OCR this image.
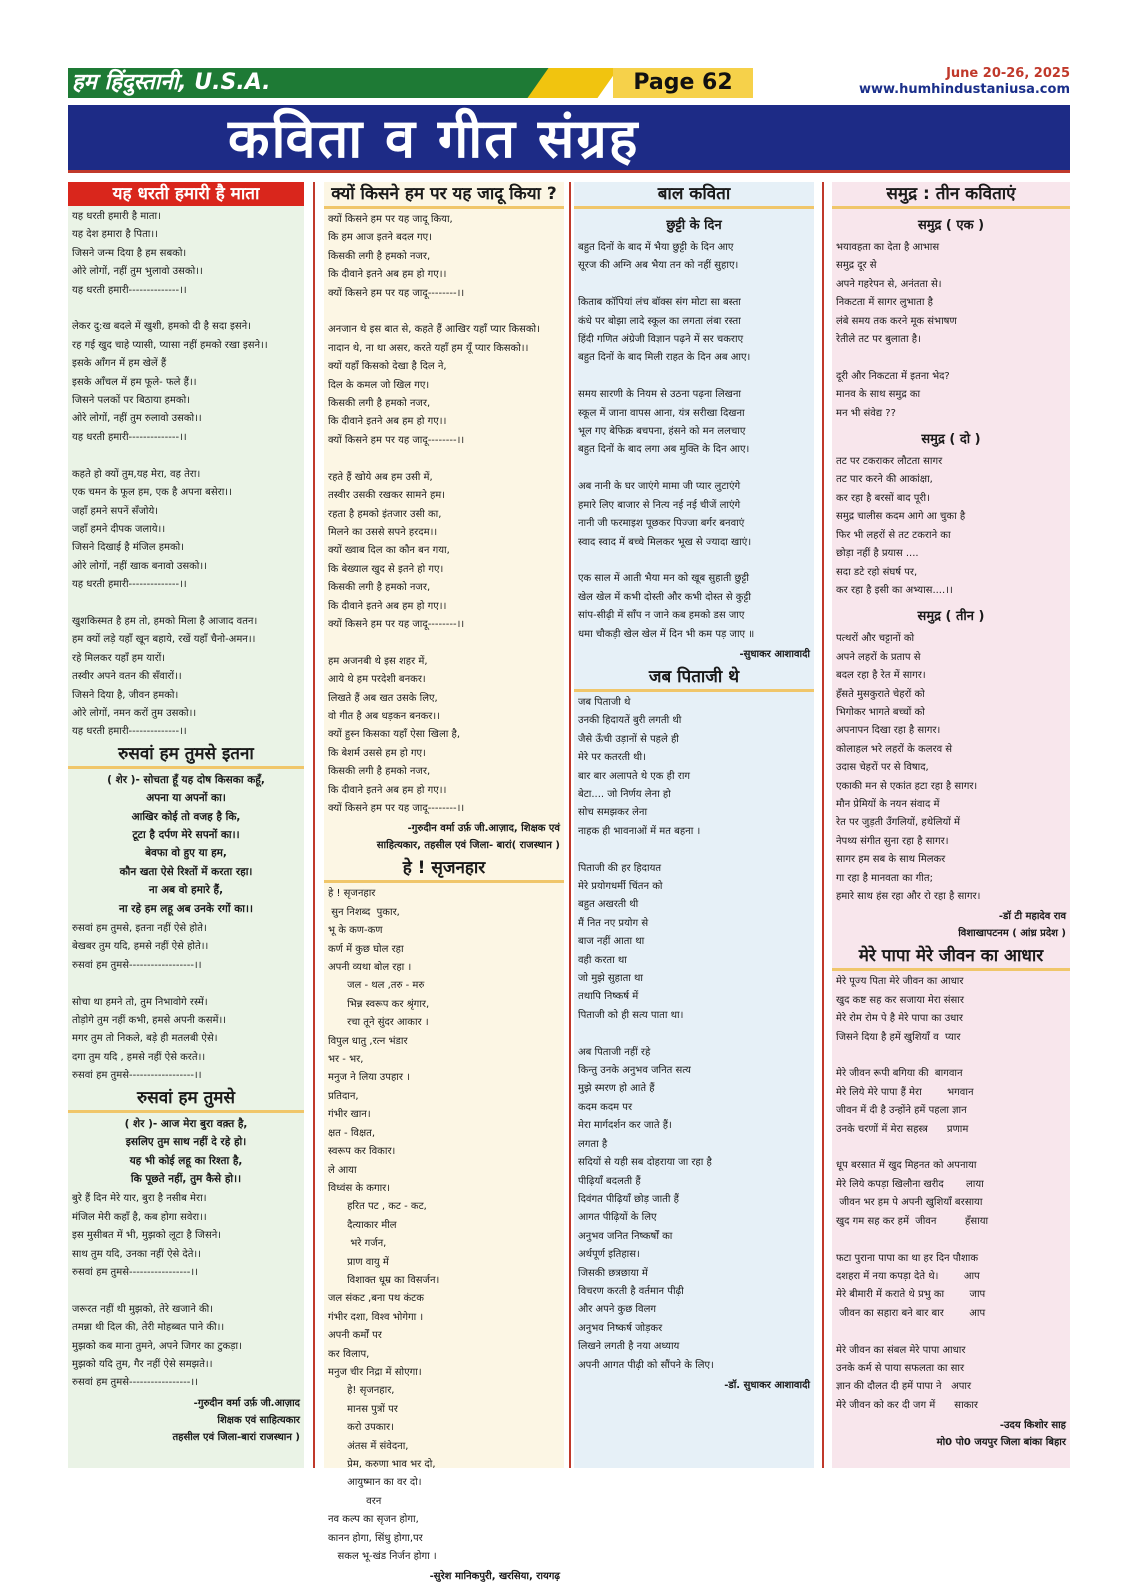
हम हिंदुस्तानी, U.S.A.	Page 62	June 20-26, 2025
www.humhindustaniusa.com
कविता व गीत संग्रह
यह धरती हमारी है माता
यह धरती हमारी है माता।
यह देश हमारा है पिता।।
जिसने जन्म दिया है हम सबको।
ओरे लोगों, नहीं तुम भुलावो उसको।।
यह धरती हमारी--------------।।

लेकर दु:ख बदले में खुशी, हमको दी है सदा इसने।
रह गई खुद चाहे प्यासी, प्यासा नहीं हमको रखा इसने।।
इसके आँगन में हम खेलें हैं
इसके आँचल में हम फूले- फले हैं।।
जिसने पलकों पर बिठाया हमको।
ओरे लोगों, नहीं तुम रुलावो उसको।।
यह धरती हमारी--------------।।

कहते हो क्यों तुम,यह मेरा, वह तेरा।
एक चमन के फूल हम, एक है अपना बसेरा।।
जहाँ हमने सपनें सँजोये।
जहाँ हमने दीपक जलाये।।
जिसने दिखाई है मंजिल हमको।
ओरे लोगों, नहीं खाक बनावो उसको।।
यह धरती हमारी--------------।।

खुशकिस्मत है हम तो, हमको मिला है आजाद वतन।
हम क्यों लड़े यहाँ खून बहाये, रखें यहाँ चैनो-अमन।।
रहे मिलकर यहाँ हम यारों।
तस्वीर अपने वतन की सँवारों।।
जिसने दिया है, जीवन हमको।
ओरे लोगों, नमन करों तुम उसको।।
यह धरती हमारी--------------।।
रुसवां हम तुमसे इतना
( शेर )- सोचता हूँ यह दोष किसका कहूँ,
अपना या अपनों का।
आखिर कोई तो वजह है कि,
टूटा है दर्पण मेरे सपनों का।।
बेवफा वो हुए या हम,
कौन खता ऐसे रिश्तों में करता रहा।
ना अब वो हमारे हैं,
ना रहे हम लहू अब उनके रगों का।।
रुसवां हम तुमसे, इतना नहीं ऐसे होते।
बेखबर तुम यदि, हमसे नहीं ऐसे होते।।
रुसवां हम तुमसे------------------।।

सोचा था हमने तो, तुम निभावोगे रस्में।
तोड़ोगे तुम नहीं कभी, हमसे अपनी कसमें।।
मगर तुम तो निकले, बड़े ही मतलबी ऐसे।
दगा तुम यदि , हमसे नहीं ऐसे करते।।
रुसवां हम तुमसे------------------।।
रुसवां हम तुमसे
( शेर )- आज मेरा बुरा वक़्त है,
इसलिए तुम साथ नहीं दे रहे हो।
यह भी कोई लहू का रिश्ता है,
कि पूछते नहीं, तुम कैसे हो।।
बुरे हैं दिन मेरे यार, बुरा है नसीब मेरा।
मंजिल मेरी कहाँ है, कब होगा सवेरा।।
इस मुसीबत में भी, मुझको लूटा है जिसने।
साथ तुम यदि, उनका नहीं ऐसे देते।।
रुसवां हम तुमसे-----------------।।

जरूरत नहीं थी मुझको, तेरे खजाने की।
तमन्ना थी दिल की, तेरी मोहब्बत पाने की।।
मुझको कब माना तुमने, अपने जिगर का टुकड़ा।
मुझको यदि तुम, गैर नहीं ऐसे समझते।।
रुसवां हम तुमसे-----------------।।
-गुरुदीन वर्मा उर्फ़ जी.आज़ाद
शिक्षक एवं साहित्यकार
तहसील एवं जिला-बारां राजस्थान )
क्यों किसने हम पर यह जादू किया ?
क्यों किसने हम पर यह जादू किया,
कि हम आज इतने बदल गए।
किसकी लगी है हमको नजर,
कि दीवाने इतने अब हम हो गए।।
क्यों किसने हम पर यह जादू--------।।

अनजान थे इस बात से, कहते हैं आखिर यहाँ प्यार किसको।
नादान थे, ना था असर, करते यहाँ हम यूँ प्यार किसको।।
क्यों यहाँ किसको देखा है दिल ने,
दिल के कमल जो खिल गए।
किसकी लगी है हमको नजर,
कि दीवाने इतने अब हम हो गए।।
क्यों किसने हम पर यह जादू--------।।

रहते हैं खोये अब हम उसी में,
तस्वीर उसकी रखकर सामने हम।
रहता है हमको इंतजार उसी का,
मिलने का उससे सपने हरदम।।
क्यों ख्वाब दिल का कौन बन गया,
कि बेख्याल खुद से इतने हो गए।
किसकी लगी है हमको नजर,
कि दीवाने इतने अब हम हो गए।।
क्यों किसने हम पर यह जादू--------।।

हम अजनबी थे इस शहर में,
आये थे हम परदेशी बनकर।
लिखते हैं अब खत उसके लिए,
वो गीत है अब धड़कन बनकर।।
क्यों हुस्न किसका यहाँ ऐसा खिला है,
कि बेशर्म उससे हम हो गए।
किसकी लगी है हमको नजर,
कि दीवाने इतने अब हम हो गए।।
क्यों किसने हम पर यह जादू--------।।
-गुरुदीन वर्मा उर्फ़ जी.आज़ाद, शिक्षक एवं
साहित्यकार, तहसील एवं जिला- बारां( राजस्थान )
हे ! सृजनहार
हे ! सृजनहार
सुन निशब्द  पुकार,
भू के कण-कण
कर्ण में कुछ घोल रहा
अपनी व्यथा बोल रहा ।
जल - थल ,तरु - मरु
भिन्न स्वरूप कर श्रृंगार,
रचा तूने सुंदर आकार ।
विपुल धातु ,रत्न भंडार
भर - भर,
मनुज ने लिया उपहार ।
प्रतिदान,
गंभीर खान।
क्षत - विक्षत,
स्वरूप कर विकार।
ले आया
विध्वंस के कगार।
हरित पट , कट - कट,
दैत्याकार मील
भरे गर्जन,
प्राण वायु में
विशाक्त धूम्र का विसर्जन।
जल संकट ,बना पथ कंटक
गंभीर दशा, विश्व भोगेगा ।
अपनी कर्मों पर
कर विलाप,
मनुज चीर निद्रा में सोएगा।
हे! सृजनहार,
मानस पुत्रों पर
करो उपकार।
अंतस में संवेदना,
प्रेम, करुणा भाव भर दो,
आयुष्मान का वर दो।
वरन
नव कल्प का सृजन होगा,
कानन होगा, सिंधु होगा,पर
सकल भू-खंड निर्जन होगा ।
-सुरेश मानिकपुरी, खरसिया, रायगढ़
बाल कविता
छुट्टी के दिन
बहुत दिनों के बाद में भैया छुट्टी के दिन आए
सूरज की अग्नि अब भैया तन को नहीं सुहाए।

किताब कॉपियां लंच बॉक्स संग मोटा सा बस्ता
कंधे पर बोझा लादे स्कूल का लगता लंबा रस्ता
हिंदी गणित अंग्रेजी विज्ञान पढ़ने में सर चकराए
बहुत दिनों के बाद मिली राहत के दिन अब आए।

समय सारणी के नियम से उठना पढ़ना लिखना
स्कूल में जाना वापस आना, यंत्र सरीखा दिखना
भूल गए बेफिक्र बचपना, हंसने को मन ललचाए
बहुत दिनों के बाद लगा अब मुक्ति के दिन आए।

अब नानी के घर जाएंगे मामा जी प्यार लुटाएंगे
हमारे लिए बाजार से नित्य नई नई चीजें लाएंगे
नानी जी फरमाइश पूछकर पिज्जा बर्गर बनवाएं
स्वाद स्वाद में बच्चे मिलकर भूख से ज्यादा खाएं।

एक साल में आती भैया मन को खूब सुहाती छुट्टी
खेल खेल में कभी दोस्ती और कभी दोस्त से कुट्टी
सांप-सीढ़ी में साँप न जाने कब हमको डस जाए
धमा चौकड़ी खेल खेल में दिन भी कम पड़ जाए ॥
-सुधाकर आशावादी
जब पिताजी थे
जब पिताजी थे
उनकी हिदायतें बुरी लगती थी
जैसे ऊँची उड़ानों से पहले ही
मेरे पर कतरती थी।
बार बार अलापते थे एक ही राग
बेटा.... जो निर्णय लेना हो
सोच समझकर लेना
नाहक ही भावनाओं में मत बहना ।

पिताजी की हर हिदायत
मेरे प्रयोगधर्मी चिंतन को
बहुत अखरती थी
मैं नित नए प्रयोग से
बाज नहीं आता था
वही करता था
जो मुझे सुहाता था
तथापि निष्कर्ष में
पिताजी को ही सत्य पाता था।

अब पिताजी नहीं रहे
किन्तु उनके अनुभव जनित सत्य
मुझे स्मरण हो आते हैं
कदम कदम पर
मेरा मार्गदर्शन कर जाते हैं।
लगता है
सदियों से यही सब दोहराया जा रहा है
पीढ़ियाँ बदलती हैं
दिवंगत पीढ़ियाँ छोड़ जाती हैं
आगत पीढ़ियों के लिए
अनुभव जनित निष्कर्षों का
अर्थपूर्ण इतिहास।
जिसकी छत्रछाया में
विचरण करती है वर्तमान पीढ़ी
और अपने कुछ विलग
अनुभव निष्कर्ष जोड़कर
लिखने लगती है नया अध्याय
अपनी आगत पीढ़ी को सौंपने के लिए।
-डॉ. सुधाकर आशावादी
समुद्र : तीन कविताएं
समुद्र ( एक )
भयावहता का देता है आभास
समुद्र दूर से
अपने गहरेपन से, अनंतता से।
निकटता में सागर लुभाता है
लंबे समय तक करने मूक संभाषण
रेतीले तट पर बुलाता है।

दूरी और निकटता में इतना भेद?
मानव के साथ समुद्र का
मन भी संवेद्य ??
समुद्र ( दो )
तट पर टकराकर लौटता सागर
तट पार करने की आकांक्षा,
कर रहा है बरसों बाद पूरी।
समुद्र चालीस कदम आगे आ चुका है
फिर भी लहरों से तट टकराने का
छोड़ा नहीं है प्रयास ....
सदा डटे रहो संघर्ष पर,
कर रहा है इसी का अभ्यास....।।
समुद्र ( तीन )
पत्थरों और चट्टानों को
अपने लहरों के प्रताप से
बदल रहा है रेत में सागर।
हँसते मुसकुराते चेहरों को
भिगोकर भागते बच्चों को
अपनापन दिखा रहा है सागर।
कोलाहल भरे लहरों के कलरव से
उदास चेहरों पर से विषाद,
एकाकी मन से एकांत हटा रहा है सागर।
मौन प्रेमियों के नयन संवाद में
रेत पर जुड़ती उँगलियों, हथेलियों में
नेपथ्य संगीत सुना रहा है सागर।
सागर हम सब के साथ मिलकर
गा रहा है मानवता का गीत;
हमारे साथ हंस रहा और रो रहा है सागर।
-डॉ टी महादेव राव
विशाखापटनम ( आंध्र प्रदेश )
मेरे पापा मेरे जीवन का आधार
मेरे पूज्य पिता मेरे जीवन का आधार
खुद कष्ट सह कर सजाया मेरा संसार
मेरे रोम रोम पे है मेरे पापा का उधार
जिसने दिया है हमें खुशियाँ व  प्यार

मेरे जीवन रूपी बगिया की  बागवान
मेरे लिये मेरे पापा हैं मेरा        भगवान
जीवन में दी है उन्होंने हमें पहला ज्ञान
उनके चरणों में मेरा सहस्त्र      प्रणाम

धूप बरसात में खुद मिहनत को अपनाया
मेरे लिये कपड़ा खिलौना खरीद       लाया
जीवन भर हम पे अपनी खुशियाँ बरसाया
खुद गम सह कर हमें  जीवन         हँसाया

फटा पुराना पापा का था हर दिन पौशाक
दशहरा में नया कपड़ा देते थे।        आप
मेरे बीमारी में कराते थे प्रभु का        जाप
जीवन का सहारा बने बार बार        आप

मेरे जीवन का संबल मेरे पापा आधार
उनके कर्म से पाया सफलता का सार
ज्ञान की दौलत दी हमें पापा ने   अपार
मेरे जीवन को कर दी जग में      साकार
-उदय किशोर साह
मो0 पो0 जयपुर जिला बांका बिहार
